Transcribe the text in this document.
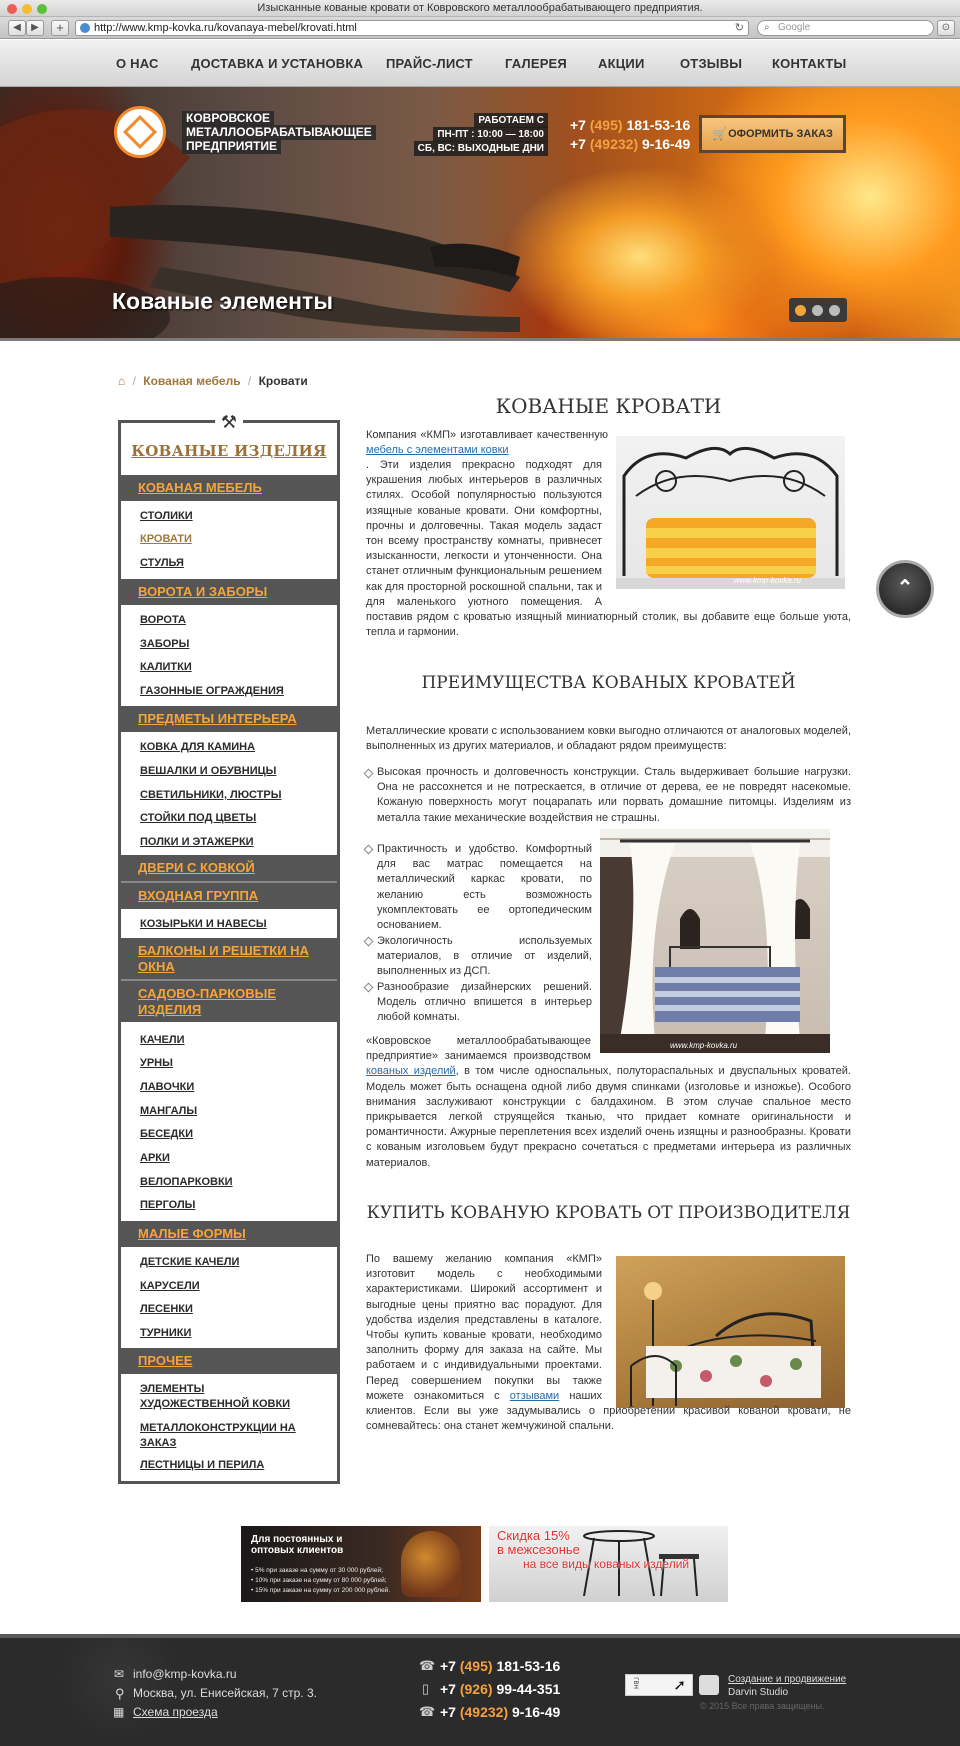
Изысканные кованые кровати от Ковровского металлообрабатывающего предприятия.
◀	▶	+	http://www.kmp-kovka.ru/kovanaya-mebel/krovati.html	↻ ⌕ Google	⊙
О НАС ДОСТАВКА И УСТАНОВКА ПРАЙС-ЛИСТ ГАЛЕРЕЯ АКЦИИ	ОТЗЫВЫ КОНТАКТЫ
КОВРОВСКОЕ
МЕТАЛЛООБРАБАТЫВАЮЩЕЕ
ПРЕДПРИЯТИЕ
РАБОТАЕМ С
ПН-ПТ : 10:00 — 18:00
СБ, ВС: ВЫХОДНЫЕ ДНИ
+7 (495) 181-53-16
+7 (49232) 9-16-49
🛒 ОФОРМИТЬ ЗАКАЗ
Кованые элементы
⌂ / Кованая мебель / Кровати
⚒
КОВАНЫЕ ИЗДЕЛИЯ
КОВАНАЯ МЕБЕЛЬ
СТОЛИКИ
КРОВАТИ
СТУЛЬЯ
ВОРОТА И ЗАБОРЫ
ВОРОТА
ЗАБОРЫ
КАЛИТКИ
ГАЗОННЫЕ ОГРАЖДЕНИЯ
ПРЕДМЕТЫ ИНТЕРЬЕРА
КОВКА ДЛЯ КАМИНА
ВЕШАЛКИ И ОБУВНИЦЫ
СВЕТИЛЬНИКИ, ЛЮСТРЫ
СТОЙКИ ПОД ЦВЕТЫ
ПОЛКИ И ЭТАЖЕРКИ
ДВЕРИ С КОВКОЙ
ВХОДНАЯ ГРУППА
КОЗЫРЬКИ И НАВЕСЫ
БАЛКОНЫ И РЕШЕТКИ НА ОКНА
САДОВО-ПАРКОВЫЕ ИЗДЕЛИЯ
КАЧЕЛИ
УРНЫ
ЛАВОЧКИ
МАНГАЛЫ
БЕСЕДКИ
АРКИ
ВЕЛОПАРКОВКИ
ПЕРГОЛЫ
МАЛЫЕ ФОРМЫ
ДЕТСКИЕ КАЧЕЛИ
КАРУСЕЛИ
ЛЕСЕНКИ
ТУРНИКИ
ПРОЧЕЕ
ЭЛЕМЕНТЫ ХУДОЖЕСТВЕННОЙ КОВКИ
МЕТАЛЛОКОНСТРУКЦИИ НА ЗАКАЗ
ЛЕСТНИЦЫ И ПЕРИЛА
КОВАНЫЕ КРОВАТИ
www.kmp-kovka.ru
Компания «КМП» изготавливает качественную мебель с элементами ковки
. Эти изделия прекрасно подходят для украшения любых интерьеров в различных стилях. Особой популярностью пользуются изящные кованые кровати. Они комфортны, прочны и долговечны. Такая модель задаст тон всему пространству комнаты, привнесет изысканности, легкости и утонченности. Она станет отличным функциональным решением как для просторной роскошной спальни, так и для маленького уютного помещения. А поставив рядом с кроватью изящный миниатюрный столик, вы добавите еще больше уюта, тепла и гармонии.
ПРЕИМУЩЕСТВА КОВАНЫХ КРОВАТЕЙ
Металлические кровати с использованием ковки выгодно отличаются от аналоговых моделей, выполненных из других материалов, и обладают рядом преимуществ:
www.kmp-kovka.ru
Высокая прочность и долговечность конструкции. Сталь выдерживает большие нагрузки. Она не рассохнется и не потрескается, в отличие от дерева, ее не повредят насекомые. Кожаную поверхность могут поцарапать или порвать домашние питомцы. Изделиям из металла такие механические воздействия не страшны.
Практичность и удобство. Комфортный для вас матрас помещается на металлический каркас кровати, по желанию есть возможность укомплектовать ее ортопедическим основанием.
Экологичность используемых материалов, в отличие от изделий, выполненных из ДСП.
Разнообразие дизайнерских решений. Модель отлично впишется в интерьер любой комнаты.
«Ковровское металлообрабатывающее предприятие» занимаемся производством кованых изделий, в том числе односпальных, полутораспальных и двуспальных кроватей. Модель может быть оснащена одной либо двумя спинками (изголовье и изножье). Особого внимания заслуживают конструкции с балдахином. В этом случае спальное место прикрывается легкой струящейся тканью, что придает комнате оригинальности и романтичности. Ажурные переплетения всех изделий очень изящны и разнообразны. Кровати с кованым изголовьем будут прекрасно сочетаться с предметами интерьера из различных материалов.
КУПИТЬ КОВАНУЮ КРОВАТЬ ОТ ПРОИЗВОДИТЕЛЯ
По вашему желанию компания «КМП» изготовит модель с необходимыми характеристиками. Широкий ассортимент и выгодные цены приятно вас порадуют. Для удобства изделия представлены в каталоге. Чтобы купить кованые кровати, необходимо заполнить форму для заказа на сайте. Мы работаем и с индивидуальными проектами. Перед совершением покупки вы также можете ознакомиться с отзывами наших клиентов. Если вы уже задумывались о приобретении красивой кованой кровати, не сомневайтесь: она станет жемчужиной спальни.
⌃
Для постоянных и
оптовых клиентов
• 5% при заказе на сумму от 30 000 рублей;
• 10% при заказе на сумму от 80 000 рублей;
• 15% при заказе на сумму от 200 000 рублей.
Скидка 15%
в межсезонье
на все виды кованых изделий
✉ info@kmp-kovka.ru
⚲ Москва, ул. Енисейская, 7 стр. 3.
▦ Схема проезда
☎ +7 (495) 181-53-16
▯ +7 (926) 99-44-351
☎ +7 (49232) 9-16-49
ГВН ➚	Создание и продвижение
Darvin Studio
© 2015 Все права защищены.
